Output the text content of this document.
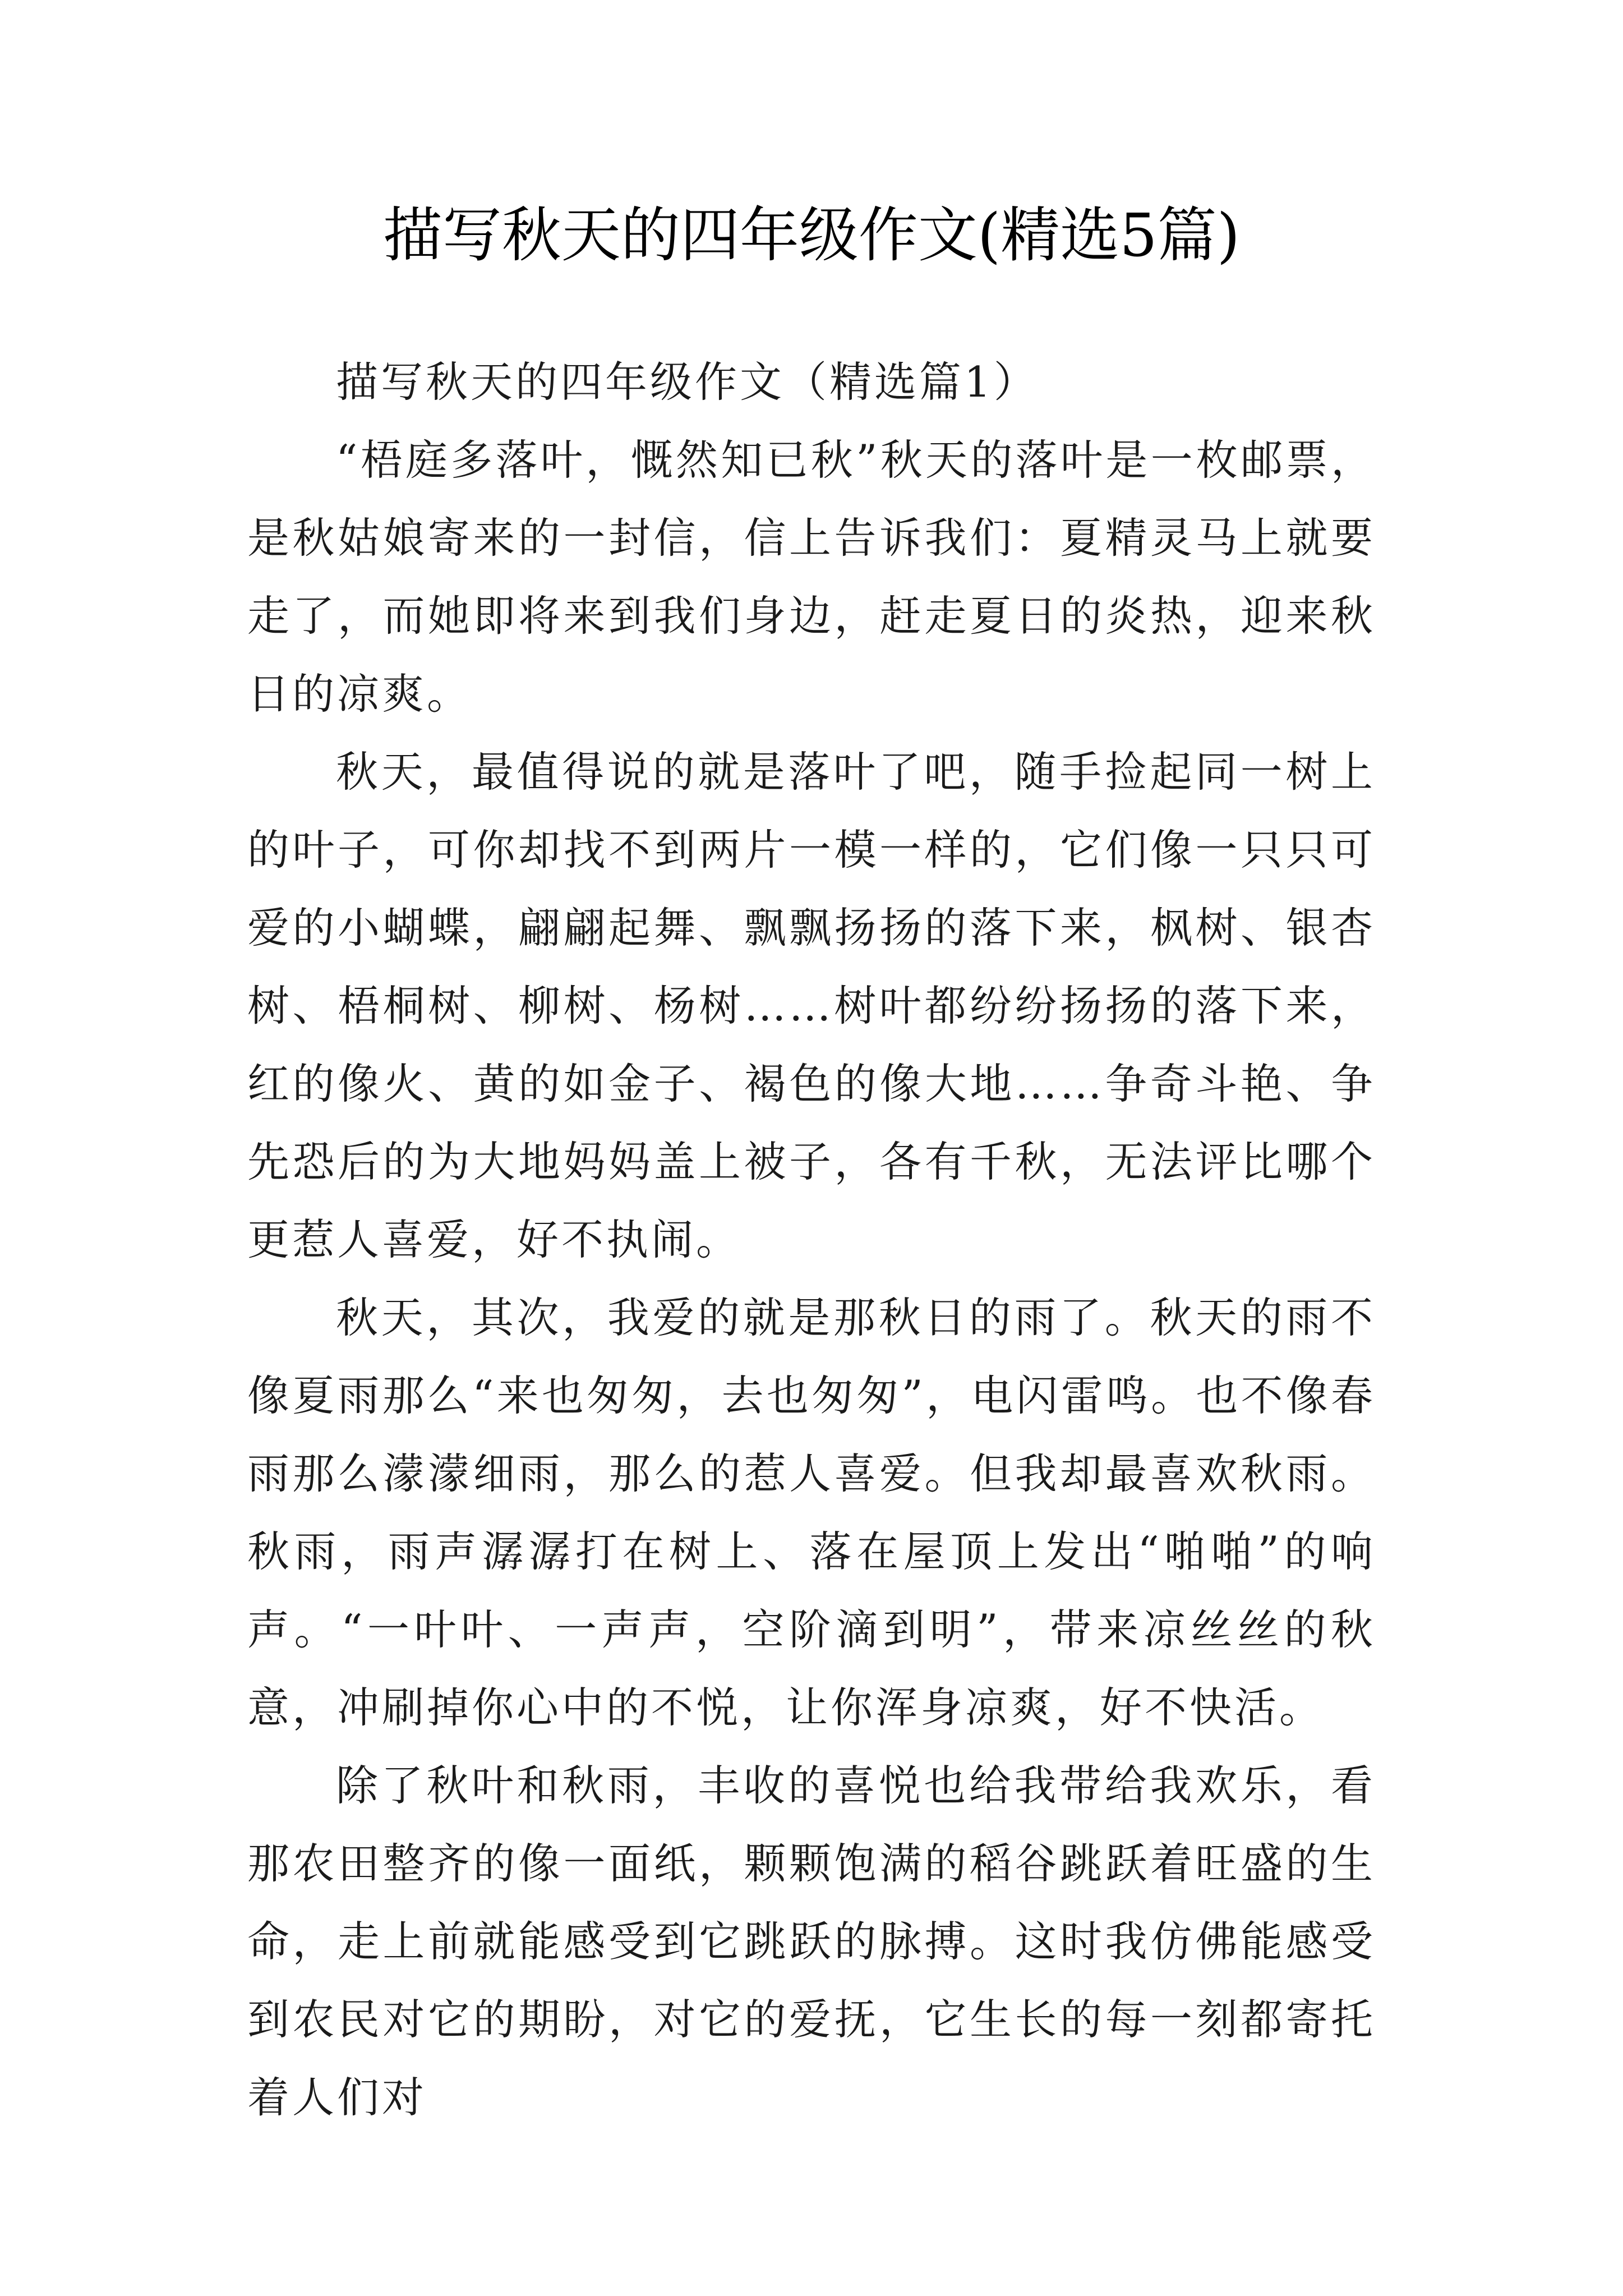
描写秋天的四年级作文(精选5篇)

描写秋天的四年级作文（精选篇1）

“梧庭多落叶，慨然知已秋”秋天的落叶是一枚邮票，是秋姑娘寄来的一封信，信上告诉我们：夏精灵马上就要走了，而她即将来到我们身边，赶走夏日的炎热，迎来秋日的凉爽。

秋天，最值得说的就是落叶了吧，随手捡起同一树上的叶子，可你却找不到两片一模一样的，它们像一只只可爱的小蝴蝶，翩翩起舞、飘飘扬扬的落下来，枫树、银杏树、梧桐树、柳树、杨树……树叶都纷纷扬扬的落下来，红的像火、黄的如金子、褐色的像大地……争奇斗艳、争先恐后的为大地妈妈盖上被子，各有千秋，无法评比哪个更惹人喜爱，好不执闹。

秋天，其次，我爱的就是那秋日的雨了。秋天的雨不像夏雨那么“来也匆匆，去也匆匆”，电闪雷鸣。也不像春雨那么濛濛细雨，那么的惹人喜爱。但我却最喜欢秋雨。秋雨，雨声潺潺打在树上、落在屋顶上发出“啪啪”的响声。“一叶叶、一声声，空阶滴到明”，带来凉丝丝的秋意，冲刷掉你心中的不悦，让你浑身凉爽，好不快活。

除了秋叶和秋雨，丰收的喜悦也给我带给我欢乐，看那农田整齐的像一面纸，颗颗饱满的稻谷跳跃着旺盛的生命，走上前就能感受到它跳跃的脉搏。这时我仿佛能感受到农民对它的期盼，对它的爱抚，它生长的每一刻都寄托着人们对
